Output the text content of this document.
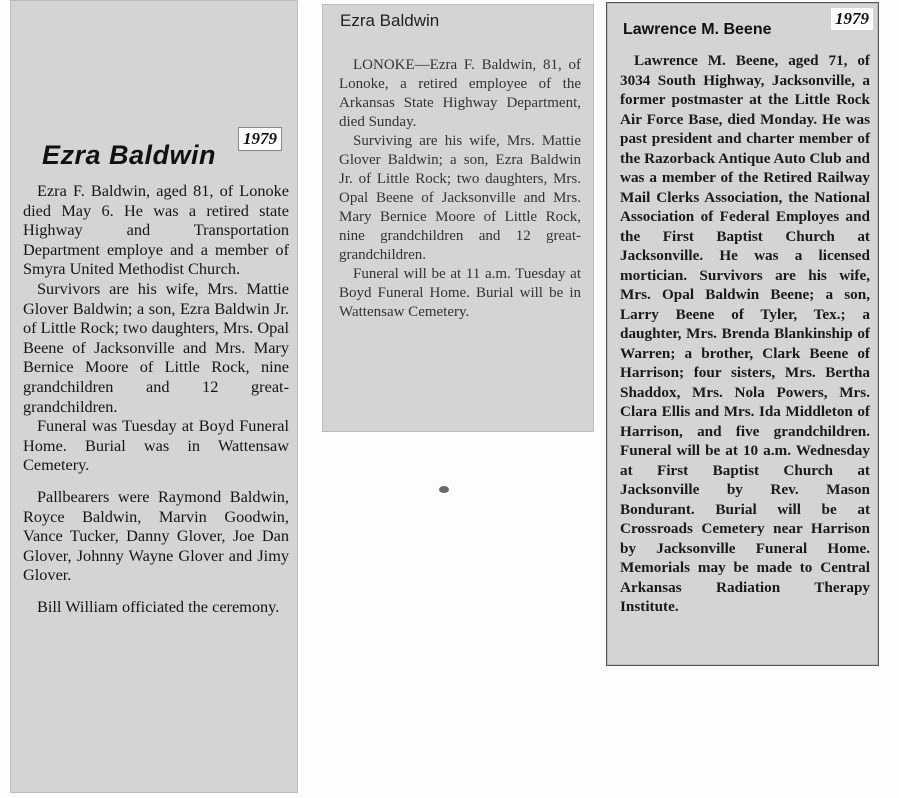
1979
Ezra Baldwin

Ezra F. Baldwin, aged 81, of Lonoke died May 6. He was a retired state Highway and Transportation Department employe and a member of Smyra United Methodist Church.

Survivors are his wife, Mrs. Mattie Glover Baldwin; a son, Ezra Baldwin Jr. of Little Rock; two daughters, Mrs. Opal Beene of Jacksonville and Mrs. Mary Bernice Moore of Little Rock, nine grandchildren and 12 great-grandchildren.

Funeral was Tuesday at Boyd Funeral Home. Burial was in Wattensaw Cemetery.

Pallbearers were Raymond Baldwin, Royce Baldwin, Marvin Goodwin, Vance Tucker, Danny Glover, Joe Dan Glover, Johnny Wayne Glover and Jimy Glover.

Bill William officiated the ceremony.

Ezra Baldwin

LONOKE—Ezra F. Baldwin, 81, of Lonoke, a retired employee of the Arkansas State Highway Department, died Sunday.

Surviving are his wife, Mrs. Mattie Glover Baldwin; a son, Ezra Baldwin Jr. of Little Rock; two daughters, Mrs. Opal Beene of Jacksonville and Mrs. Mary Bernice Moore of Little Rock, nine grandchildren and 12 great-grandchildren.

Funeral will be at 11 a.m. Tuesday at Boyd Funeral Home. Burial will be in Wattensaw Cemetery.

1979
Lawrence M. Beene

Lawrence M. Beene, aged 71, of 3034 South Highway, Jacksonville, a former postmaster at the Little Rock Air Force Base, died Monday. He was past president and charter member of the Razorback Antique Auto Club and was a member of the Retired Railway Mail Clerks Association, the National Association of Federal Employes and the First Baptist Church at Jacksonville. He was a licensed mortician. Survivors are his wife, Mrs. Opal Baldwin Beene; a son, Larry Beene of Tyler, Tex.; a daughter, Mrs. Brenda Blankinship of Warren; a brother, Clark Beene of Harrison; four sisters, Mrs. Bertha Shaddox, Mrs. Nola Powers, Mrs. Clara Ellis and Mrs. Ida Middleton of Harrison, and five grandchildren. Funeral will be at 10 a.m. Wednesday at First Baptist Church at Jacksonville by Rev. Mason Bondurant. Burial will be at Crossroads Cemetery near Harrison by Jacksonville Funeral Home. Memorials may be made to Central Arkansas Radiation Therapy Institute.
